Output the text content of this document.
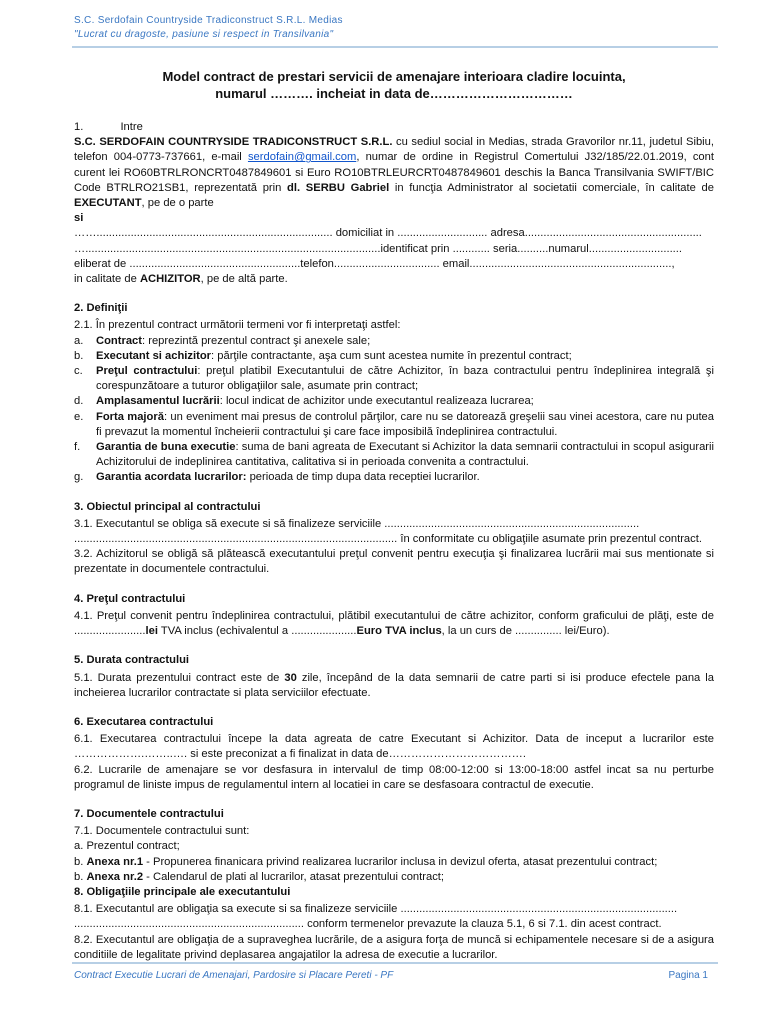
S.C. Serdofain Countryside Tradiconstruct S.R.L. Medias
"Lucrat cu dragoste, pasiune si respect in Transilvania"
Model contract de prestari servicii de amenajare interioara cladire locuinta,
numarul ………. incheiat in data de……………………………
1.	Intre

S.C. SERDOFAIN COUNTRYSIDE TRADICONSTRUCT S.R.L. cu sediul social in Medias, strada Gravorilor nr.11, judetul Sibiu, telefon 004-0773-737661, e-mail serdofain@gmail.com, numar de ordine in Registrul Comertului J32/185/22.01.2019, cont curent lei RO60BTRLRONCRT0487849601 si Euro RO10BTRLEURCRT0487849601 deschis la Banca Transilvania SWIFT/BIC Code BTRLRO21SB1, reprezentată prin dl. SERBU Gabriel in funcţia Administrator al societatii comerciale, în calitate de EXECUTANT, pe de o parte

si
……............................................................................ domiciliat in ............................. adresa.........................................................
…...............................................................................................identificat prin ............ seria..........numarul..............................
eliberat de .......................................................telefon.................................. email.................................................................,
in calitate de ACHIZITOR, pe de altă parte.
2. Definiţii
2.1. În prezentul contract următorii termeni vor fi interpretaţi astfel:
a.	Contract: reprezintă prezentul contract şi anexele sale;
b.	Executant si achizitor: părţile contractante, aşa cum sunt acestea numite în prezentul contract;
c.	Preţul contractului: preţul platibil Executantului de către Achizitor, în baza contractului pentru îndeplinirea integrală şi corespunzătoare a tuturor obligaţiilor sale, asumate prin contract;
d.	Amplasamentul lucrării: locul indicat de achizitor unde executantul realizeaza lucrarea;
e.	Forta majoră: un eveniment mai presus de controlul părţilor, care nu se datorează greşelii sau vinei acestora, care nu putea fi prevazut la momentul încheierii contractului şi care face imposibilă îndeplinirea contractului.
f.	Garantia de buna executie: suma de bani agreata de Executant si Achizitor la data semnarii contractului in scopul asigurarii Achizitorului de indeplinirea cantitativa, calitativa si in perioada convenita a contractului.
g.	Garantia acordata lucrarilor: perioada de timp dupa data receptiei lucrarilor.
3. Obiectul principal al contractului
3.1. Executantul se obliga să execute si să finalizeze serviciile ..................................................................................
........................................................................................................ în conformitate cu obligaţiile asumate prin prezentul contract.
3.2. Achizitorul se obligă să plătească executantului preţul convenit pentru execuţia şi finalizarea lucrării mai sus mentionate si prezentate in documentele contractului.
4. Preţul contractului

4.1. Preţul convenit pentru îndeplinirea contractului, plătibil executantului de către achizitor, conform graficului de plăţi, este de .......................lei TVA inclus (echivalentul a .....................Euro TVA inclus, la un curs de ............... lei/Euro).

5. Durata contractului

5.1. Durata prezentului contract este de 30 zile, începând de la data semnarii de catre parti si isi produce efectele pana la incheierea lucrarilor contractate si plata serviciilor efectuate.

6. Executarea contractului
6.1. Executarea contractului începe la data agreata de catre Executant si Achizitor. Data de inceput a lucrarilor este ……………….……..…. si este preconizat a fi finalizat in data de……………………………….
6.2. Lucrarile de amenajare se vor desfasura in intervalul de timp 08:00-12:00 si 13:00-18:00 astfel incat sa nu perturbe programul de liniste impus de regulamentul intern al locatiei in care se desfasoara contractul de executie.
7. Documentele contractului
7.1. Documentele contractului sunt:
a. Prezentul contract;
b. Anexa nr.1 - Propunerea finanicara privind realizarea lucrarilor inclusa in devizul oferta, atasat prezentului contract;
b. Anexa nr.2 - Calendarul de plati al lucrarilor, atasat prezentului contract;
8. Obligaţiile principale ale executantului
8.1. Executantul are obligaţia sa execute si sa finalizeze serviciile .........................................................................................
.......................................................................... conform termenelor prevazute la clauza 5.1, 6 si 7.1. din acest contract.
8.2. Executantul are obligaţia de a supraveghea lucrările, de a asigura forţa de muncă si echipamentele necesare si de a asigura conditiile de legalitate privind deplasarea angajatilor la adresa de executie a lucrarilor.
Contract Executie Lucrari de Amenajari, Pardosire si Placare Pereti - PF	Pagina 1
